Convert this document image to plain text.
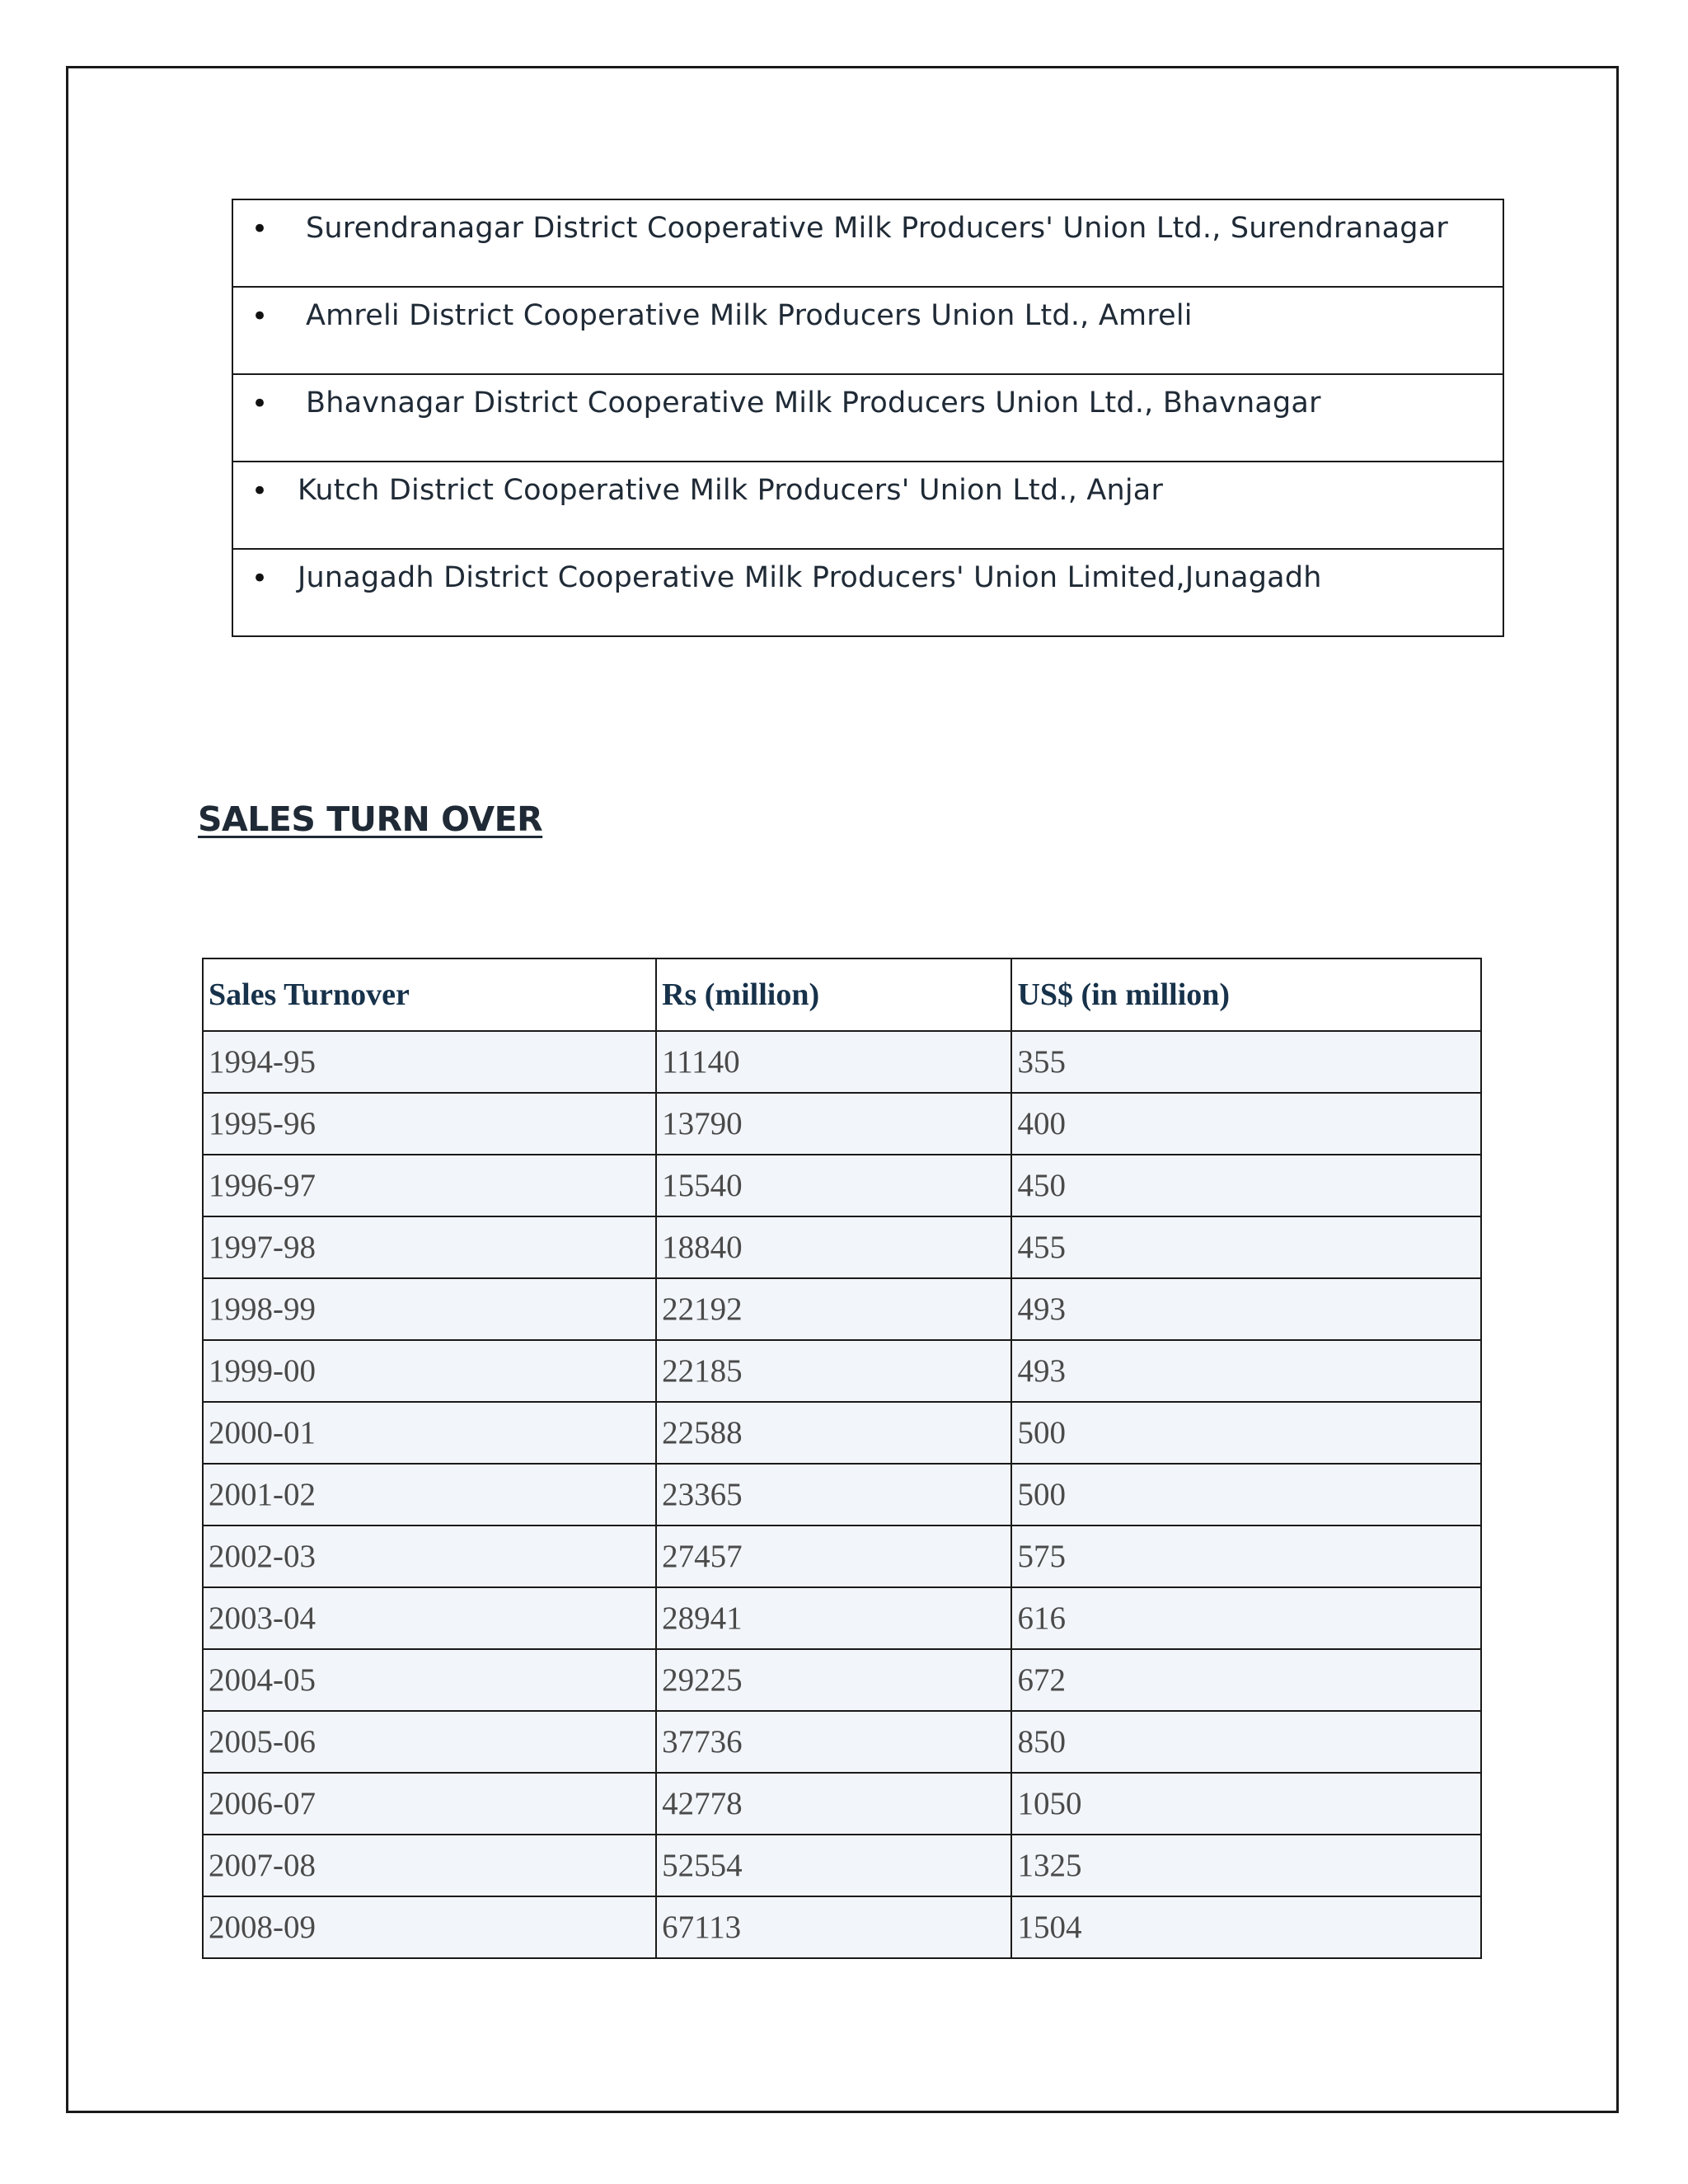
• Surendranagar District Cooperative Milk Producers' Union Ltd., Surendranagar

• Amreli District Cooperative Milk Producers Union Ltd., Amreli

• Bhavnagar District Cooperative Milk Producers Union Ltd., Bhavnagar

• Kutch District Cooperative Milk Producers' Union Ltd., Anjar

• Junagadh District Cooperative Milk Producers' Union Limited,Junagadh
SALES TURN OVER
Sales Turnover	Rs (million)	US$ (in million)
1994-95	11140	355
1995-96	13790	400
1996-97	15540	450
1997-98	18840	455
1998-99	22192	493
1999-00	22185	493
2000-01	22588	500
2001-02	23365	500
2002-03	27457	575
2003-04	28941	616
2004-05	29225	672
2005-06	37736	850
2006-07	42778	1050
2007-08	52554	1325
2008-09	67113	1504
